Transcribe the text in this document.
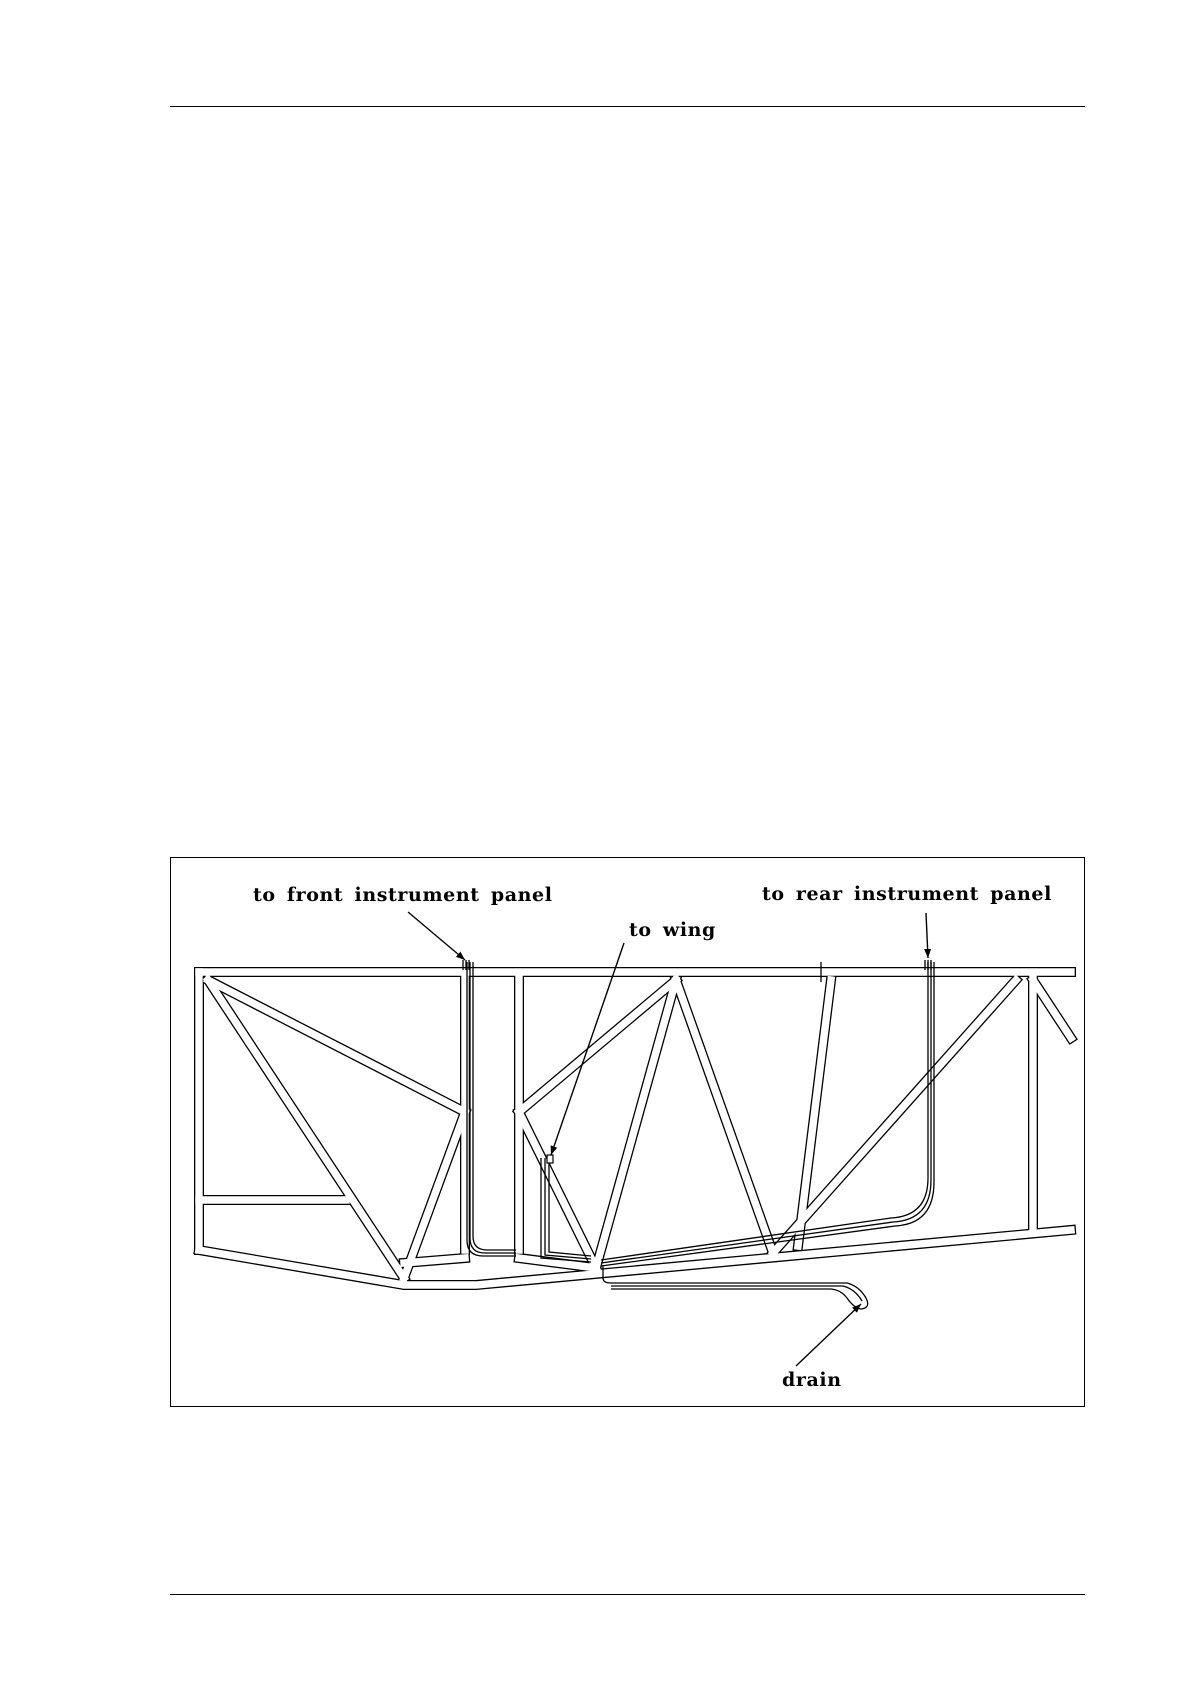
to front instrument panel	to rear instrument panel
to wing
drain
